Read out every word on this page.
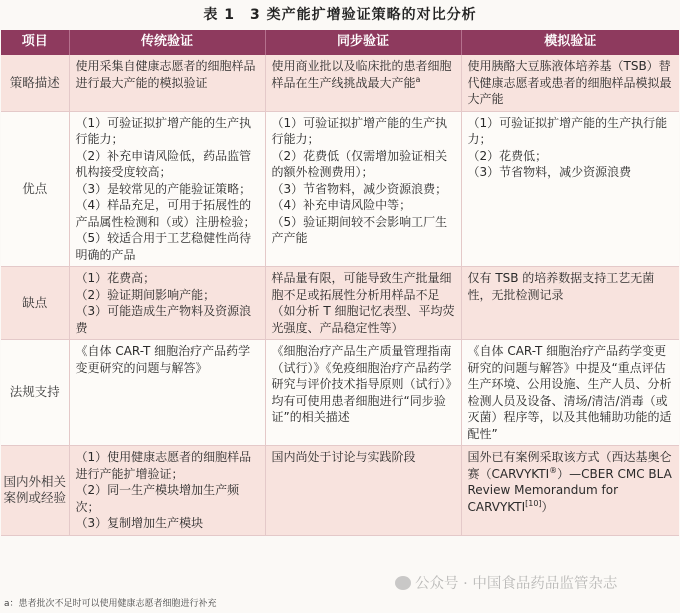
表 1　3 类产能扩增验证策略的对比分析
项目	传统验证	同步验证	模拟验证
策略描述	使用采集自健康志愿者的细胞样品进行最大产能的模拟验证	使用商业批以及临床批的患者细胞样品在生产线挑战最大产能$^a$	使用胰酪大豆胨液体培养基（TSB）替代健康志愿者或患者的细胞样品模拟最大产能
优点	（1）可验证拟扩增产能的生产执行能力；
（2）补充申请风险低，药品监管机构接受度较高；
（3）是较常见的产能验证策略；
（4）样品充足，可用于拓展性的产品属性检测和（或）注册检验；
（5）较适合用于工艺稳健性尚待明确的产品	（1）可验证拟扩增产能的生产执行能力；
（2）花费低（仅需增加验证相关的额外检测费用）；
（3）节省物料，减少资源浪费；
（4）补充申请风险中等；
（5）验证期间较不会影响工厂生产产能	（1）可验证拟扩增产能的生产执行能力；
（2）花费低；
（3）节省物料，减少资源浪费
缺点	（1）花费高；
（2）验证期间影响产能；
（3）可能造成生产物料及资源浪费	样品量有限，可能导致生产批量细胞不足或拓展性分析用样品不足（如分析 T 细胞记忆表型、平均荧光强度、产品稳定性等）	仅有 TSB 的培养数据支持工艺无菌性，无批检测记录
法规支持	《自体 CAR-T 细胞治疗产品药学变更研究的问题与解答》	《细胞治疗产品生产质量管理指南（试行）》《免疫细胞治疗产品药学研究与评价技术指导原则（试行）》均有可使用患者细胞进行“同步验证”的相关描述	《自体 CAR-T 细胞治疗产品药学变更研究的问题与解答》中提及“重点评估生产环境、公用设施、生产人员、分析检测人员及设备、清场/清洁/消毒（或灭菌）程序等，以及其他辅助功能的适配性”
国内外相关案例或经验	（1）使用健康志愿者的细胞样品进行产能扩增验证；
（2）同一生产模块增加生产频次；
（3）复制增加生产模块	国内尚处于讨论与实践阶段	国外已有案例采取该方式（西达基奥仑赛（CARVYKTI®）—CBER CMC BLA Review Memorandum for CARVYKTI[10]）
公众号 · 中国食品药品监管杂志
a：患者批次不足时可以使用健康志愿者细胞进行补充
